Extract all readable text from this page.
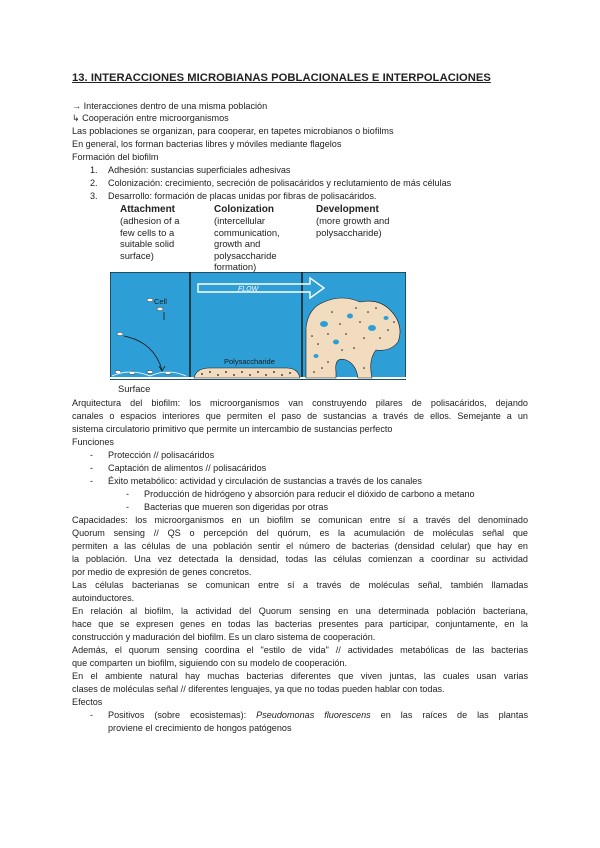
13. INTERACCIONES MICROBIANAS POBLACIONALES E INTERPOLACIONES
→ Interacciones dentro de una misma población
↳ Cooperación entre microorganismos
Las poblaciones se organizan, para cooperar, en tapetes microbianos o biofilms
En general, los forman bacterias libres y móviles mediante flagelos
Formación del biofilm
1. Adhesión: sustancias superficiales adhesivas
2. Colonización: crecimiento, secreción de polisacáridos y reclutamiento de más células
3. Desarrollo: formación de placas unidas por fibras de polisacáridos.
Attachment
(adhesion of a
few cells to a
suitable solid
surface)
Colonization
(intercellular
communication,
growth and
polysaccharide
formation)
Development
(more growth and
polysaccharide)
FLOW
Cell
Polysaccharide
Surface
Arquitectura del biofilm: los microorganismos van construyendo pilares de polisacáridos, dejando
canales o espacios interiores que permiten el paso de sustancias a través de ellos. Semejante a un
sistema circulatorio primitivo que permite un intercambio de sustancias perfecto
Funciones
- Protección // polisacáridos
- Captación de alimentos // polisacáridos
- Éxito metabólico: actividad y circulación de sustancias a través de los canales
- Producción de hidrógeno y absorción para reducir el dióxido de carbono a metano
- Bacterias que mueren son digeridas por otras
Capacidades: los microorganismos en un biofilm se comunican entre sí a través del denominado
Quorum sensing // QS o percepción del quórum, es la acumulación de moléculas señal que
permiten a las células de una población sentir el número de bacterias (densidad celular) que hay en
la población. Una vez detectada la densidad, todas las células comienzan a coordinar su actividad
por medio de expresión de genes concretos.
Las células bacterianas se comunican entre sí a través de moléculas señal, también llamadas
autoinductores.
En relación al biofilm, la actividad del Quorum sensing en una determinada población bacteriana,
hace que se expresen genes en todas las bacterias presentes para participar, conjuntamente, en la
construcción y maduración del biofilm. Es un claro sistema de cooperación.
Además, el quorum sensing coordina el "estilo de vida" // actividades metabólicas de las bacterias
que comparten un biofilm, siguiendo con su modelo de cooperación.
En el ambiente natural hay muchas bacterias diferentes que viven juntas, las cuales usan varias
clases de moléculas señal // diferentes lenguajes, ya que no todas pueden hablar con todas.
Efectos
- Positivos (sobre ecosistemas): Pseudomonas fluorescens en las raíces de las plantas
proviene el crecimiento de hongos patógenos
